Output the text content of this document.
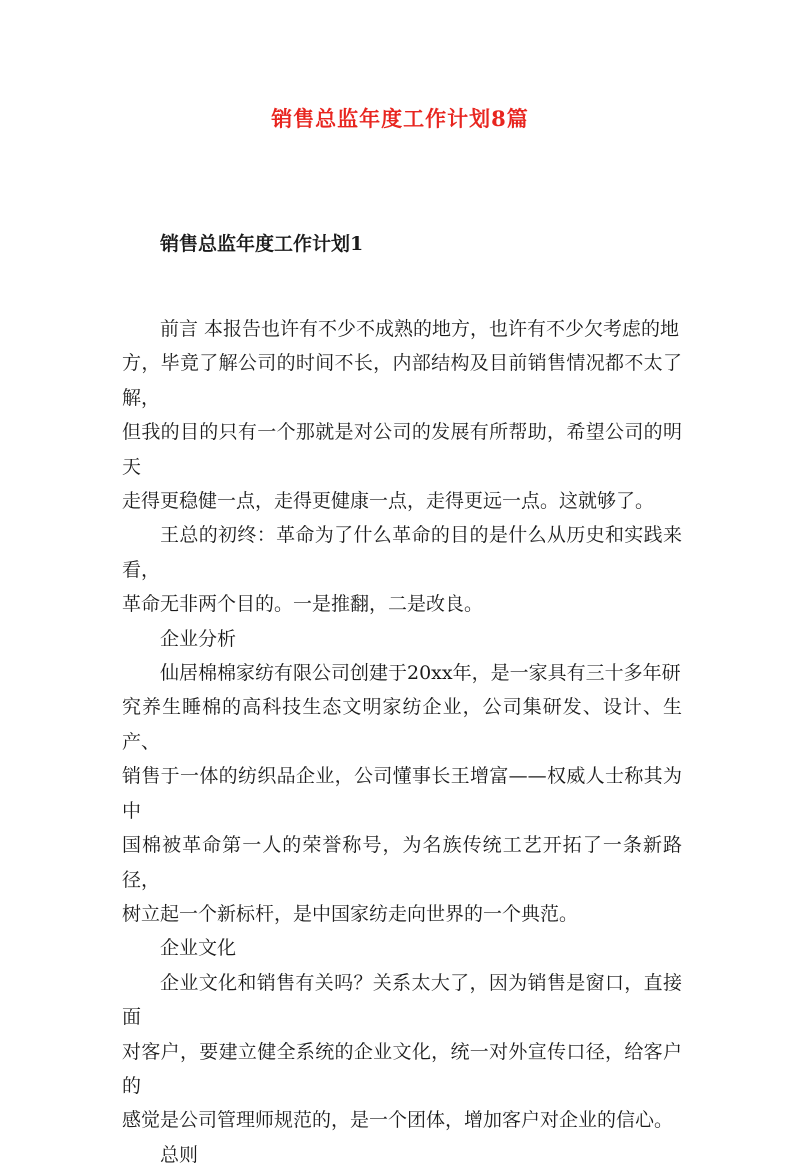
销售总监年度工作计划8篇
销售总监年度工作计划1

前言 本报告也许有不少不成熟的地方，也许有不少欠考虑的地
方，毕竟了解公司的时间不长，内部结构及目前销售情况都不太了解，
但我的目的只有一个那就是对公司的发展有所帮助，希望公司的明天
走得更稳健一点，走得更健康一点，走得更远一点。这就够了。

王总的初终：革命为了什么革命的目的是什么从历史和实践来看，
革命无非两个目的。一是推翻，二是改良。

企业分析

仙居棉棉家纺有限公司创建于20xx年，是一家具有三十多年研
究养生睡棉的高科技生态文明家纺企业，公司集研发、设计、生产、
销售于一体的纺织品企业，公司懂事长王增富——权威人士称其为中
国棉被革命第一人的荣誉称号，为名族传统工艺开拓了一条新路径，
树立起一个新标杆，是中国家纺走向世界的一个典范。

企业文化

企业文化和销售有关吗？关系太大了，因为销售是窗口，直接面
对客户，要建立健全系统的企业文化，统一对外宣传口径，给客户的
感觉是公司管理师规范的，是一个团体，增加客户对企业的信心。

总则
